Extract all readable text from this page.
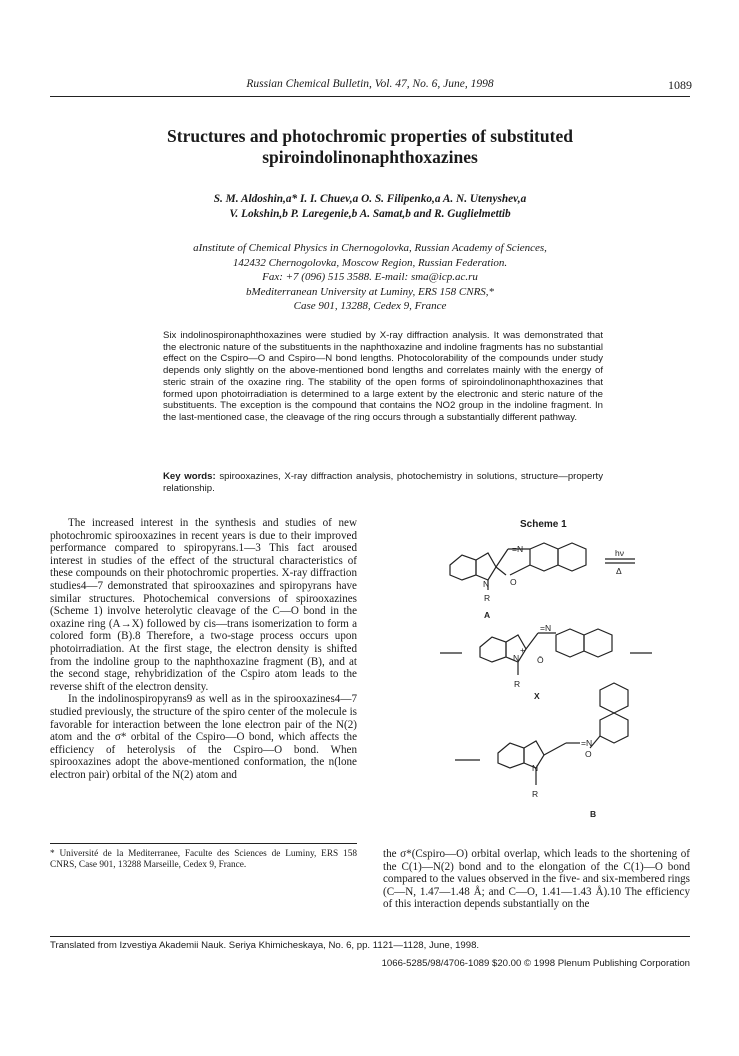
Russian Chemical Bulletin, Vol. 47, No. 6, June, 1998	1089
Structures and photochromic properties of substituted spiroindolinonaphthoxazines
S. M. Aldoshin,a* I. I. Chuev,a O. S. Filipenko,a A. N. Utenyshev,a
V. Lokshin,b P. Laregenie,b A. Samat,b and R. Guglielmettib
aInstitute of Chemical Physics in Chernogolovka, Russian Academy of Sciences,
142432 Chernogolovka, Moscow Region, Russian Federation.
Fax: +7 (096) 515 3588. E-mail: sma@icp.ac.ru
bMediterranean University at Luminy, ERS 158 CNRS,*
Case 901, 13288, Cedex 9, France
Six indolinospironaphthoxazines were studied by X-ray diffraction analysis. It was demonstrated that the electronic nature of the substituents in the naphthoxazine and indoline fragments has no substantial effect on the Cspiro—O and Cspiro—N bond lengths. Photocolorability of the compounds under study depends only slightly on the above-mentioned bond lengths and correlates mainly with the energy of steric strain of the oxazine ring. The stability of the open forms of spiroindolinonaphthoxazines that formed upon photoirradiation is determined to a large extent by the electronic and steric nature of the substituents. The exception is the compound that contains the NO2 group in the indoline fragment. In the last-mentioned case, the cleavage of the ring occurs through a substantially different pathway.
Key words: spirooxazines, X-ray diffraction analysis, photochemistry in solutions, structure—property relationship.

The increased interest in the synthesis and studies of new photochromic spirooxazines in recent years is due to their improved performance compared to spiropyrans.1—3 This fact aroused interest in studies of the effect of the structural characteristics of these compounds on their photochromic properties. X-ray diffraction studies4—7 demonstrated that spirooxazines and spiropyrans have similar structures. Photochemical conversions of spirooxazines (Scheme 1) involve heterolytic cleavage of the C—O bond in the oxazine ring (A→X) followed by cis—trans isomerization to form a colored form (B).8 Therefore, a two-stage process occurs upon photoirradiation. At the first stage, the electron density is shifted from the indoline group to the naphthoxazine fragment (B), and at the second stage, rehybridization of the Cspiro atom leads to the reverse shift of the electron density.

In the indolinospiropyrans9 as well as in the spirooxazines4—7 studied previously, the structure of the spiro center of the molecule is favorable for interaction between the lone electron pair of the N(2) atom and the σ* orbital of the Cspiro—O bond, which affects the efficiency of heterolysis of the Cspiro—O bond. When spirooxazines adopt the above-mentioned conformation, the n(lone electron pair) orbital of the N(2) atom and

* Université de la Mediterranee, Faculte des Sciences de Luminy, ERS 158 CNRS, Case 901, 13288 Marseille, Cedex 9, France.
Scheme 1
=N
N O
R
A
hν
Δ
=N
+
N Ō
R
X
=N
N
O
R
B
the σ*(Cspiro—O) orbital overlap, which leads to the shortening of the C(1)—N(2) bond and to the elongation of the C(1)—O bond compared to the values observed in the five- and six-membered rings (C—N, 1.47—1.48 Å; and C—O, 1.41—1.43 Å).10 The efficiency of this interaction depends substantially on the
Translated from Izvestiya Akademii Nauk. Seriya Khimicheskaya, No. 6, pp. 1121—1128, June, 1998.
1066-5285/98/4706-1089 $20.00 © 1998 Plenum Publishing Corporation
